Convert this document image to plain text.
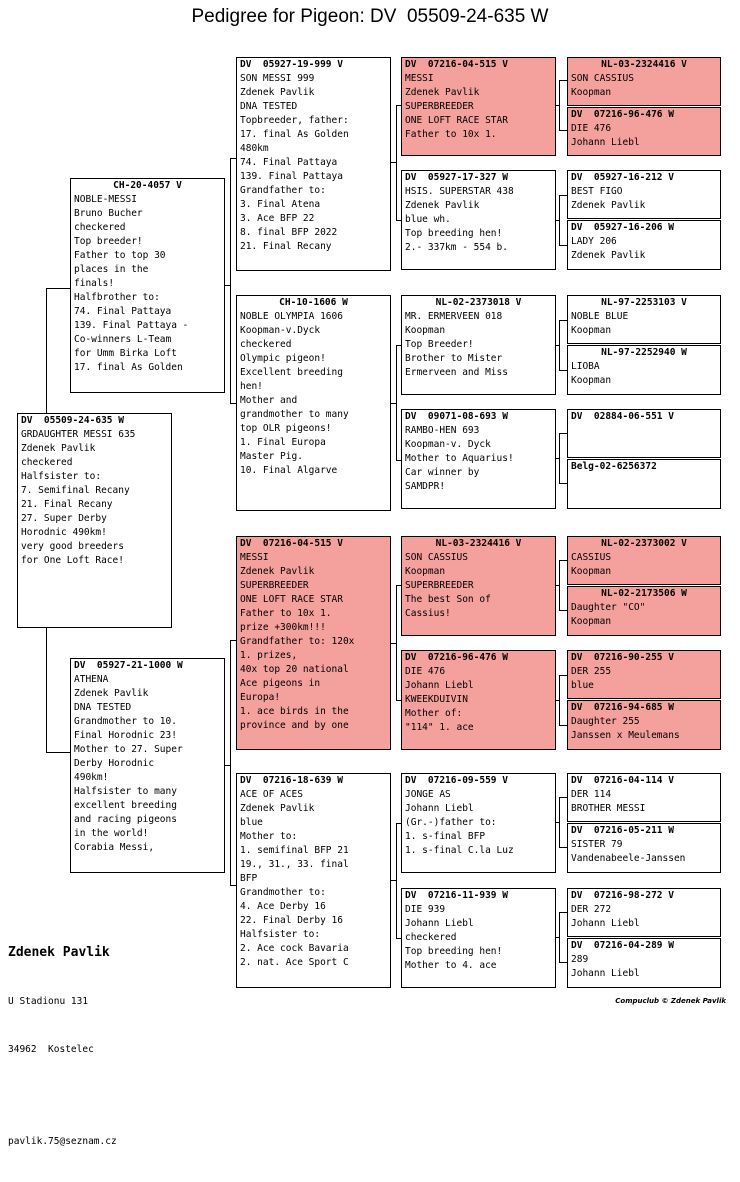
Pedigree for Pigeon: DV  05509-24-635 W
DV  05509-24-635 W
GRDAUGHTER MESSI 635
Zdenek Pavlik
checkered
Halfsister to:
7. Semifinal Recany
21. Final Recany
27. Super Derby
Horodnic 490km!
very good breeders
for One Loft Race!
CH-20-4057 V
NOBLE-MESSI
Bruno Bucher
checkered
Top breeder!
Father to top 30
places in the
finals!
Halfbrother to:
74. Final Pattaya
139. Final Pattaya -
Co-winners L-Team
for Umm Birka Loft
17. final As Golden
DV  05927-21-1000 W
ATHENA
Zdenek Pavlik
DNA TESTED
Grandmother to 10.
Final Horodnic 23!
Mother to 27. Super
Derby Horodnic
490km!
Halfsister to many
excellent breeding
and racing pigeons
in the world!
Corabia Messi,
DV  05927-19-999 V
SON MESSI 999
Zdenek Pavlik
DNA TESTED
Topbreeder, father:
17. final As Golden
480km
74. Final Pattaya
139. Final Pattaya
Grandfather to:
3. Final Atena
3. Ace BFP 22
8. final BFP 2022
21. Final Recany
CH-10-1606 W
NOBLE OLYMPIA 1606
Koopman-v.Dyck
checkered
Olympic pigeon!
Excellent breeding
hen!
Mother and
grandmother to many
top OLR pigeons!
1. Final Europa
Master Pig.
10. Final Algarve
DV  07216-04-515 V
MESSI
Zdenek Pavlik
SUPERBREEDER
ONE LOFT RACE STAR
Father to 10x 1.
prize +300km!!!
Grandfather to: 120x
1. prizes,
40x top 20 national
Ace pigeons in
Europa!
1. ace birds in the
province and by one
DV  07216-18-639 W
ACE OF ACES
Zdenek Pavlik
blue
Mother to:
1. semifinal BFP 21
19., 31., 33. final
BFP
Grandmother to:
4. Ace Derby 16
22. Final Derby 16
Halfsister to:
2. Ace cock Bavaria
2. nat. Ace Sport C
DV  07216-04-515 V
MESSI
Zdenek Pavlik
SUPERBREEDER
ONE LOFT RACE STAR
Father to 10x 1.
DV  05927-17-327 W
HSIS. SUPERSTAR 438
Zdenek Pavlik
blue wh.
Top breeding hen!
2.- 337km - 554 b.
NL-02-2373018 V
MR. ERMERVEEN 018
Koopman
Top Breeder!
Brother to Mister
Ermerveen and Miss
DV  09071-08-693 W
RAMBO-HEN 693
Koopman-v. Dyck
Mother to Aquarius!
Car winner by
SAMDPR!
NL-03-2324416 V
SON CASSIUS
Koopman
SUPERBREEDER
The best Son of
Cassius!
DV  07216-96-476 W
DIE 476
Johann Liebl
KWEEKDUIVIN
Mother of:
"114" 1. ace
DV  07216-09-559 V
JONGE AS
Johann Liebl
(Gr.-)father to:
1. s-final BFP
1. s-final C.la Luz
DV  07216-11-939 W
DIE 939
Johann Liebl
checkered
Top breeding hen!
Mother to 4. ace
NL-03-2324416 V
SON CASSIUS
Koopman
DV  07216-96-476 W
DIE 476
Johann Liebl
DV  05927-16-212 V
BEST FIGO
Zdenek Pavlik
DV  05927-16-206 W
LADY 206
Zdenek Pavlik
NL-97-2253103 V
NOBLE BLUE
Koopman
NL-97-2252940 W
LIOBA
Koopman
DV  02884-06-551 V
Belg-02-6256372
NL-02-2373002 V
CASSIUS
Koopman
NL-02-2173506 W
Daughter "CO"
Koopman
DV  07216-90-255 V
DER 255
blue
DV  07216-94-685 W
Daughter 255
Janssen x Meulemans
DV  07216-04-114 V
DER 114
BROTHER MESSI
DV  07216-05-211 W
SISTER 79
Vandenabeele-Janssen
DV  07216-98-272 V
DER 272
Johann Liebl
DV  07216-04-289 W
289
Johann Liebl

Zdenek Pavlik

U Stadionu 131

34962  Kostelec

pavlik.75@seznam.cz

Compuclub © Zdenek Pavlik
